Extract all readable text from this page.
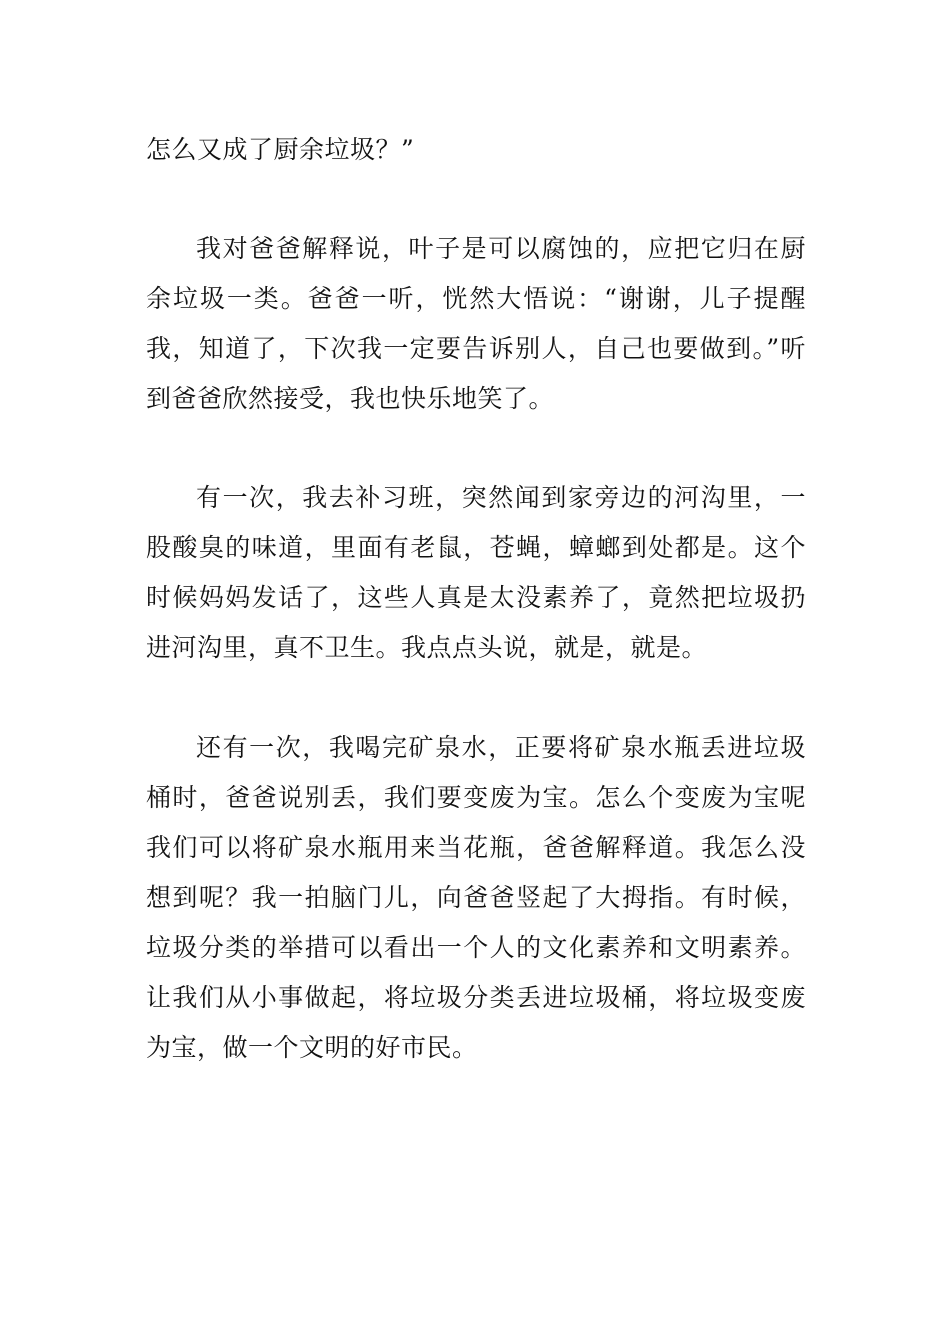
怎么又成了厨余垃圾？”

我对爸爸解释说，叶子是可以腐蚀的，应把它归在厨余垃圾一类。爸爸一听，恍然大悟说：“谢谢，儿子提醒我，知道了，下次我一定要告诉别人，自己也要做到。”听到爸爸欣然接受，我也快乐地笑了。

有一次，我去补习班，突然闻到家旁边的河沟里，一股酸臭的味道，里面有老鼠，苍蝇，蟑螂到处都是。这个时候妈妈发话了，这些人真是太没素养了，竟然把垃圾扔进河沟里，真不卫生。我点点头说，就是，就是。

还有一次，我喝完矿泉水，正要将矿泉水瓶丢进垃圾桶时，爸爸说别丢，我们要变废为宝。怎么个变废为宝呢我们可以将矿泉水瓶用来当花瓶，爸爸解释道。我怎么没想到呢？我一拍脑门儿，向爸爸竖起了大拇指。有时候，垃圾分类的举措可以看出一个人的文化素养和文明素养。让我们从小事做起，将垃圾分类丢进垃圾桶，将垃圾变废为宝，做一个文明的好市民。
